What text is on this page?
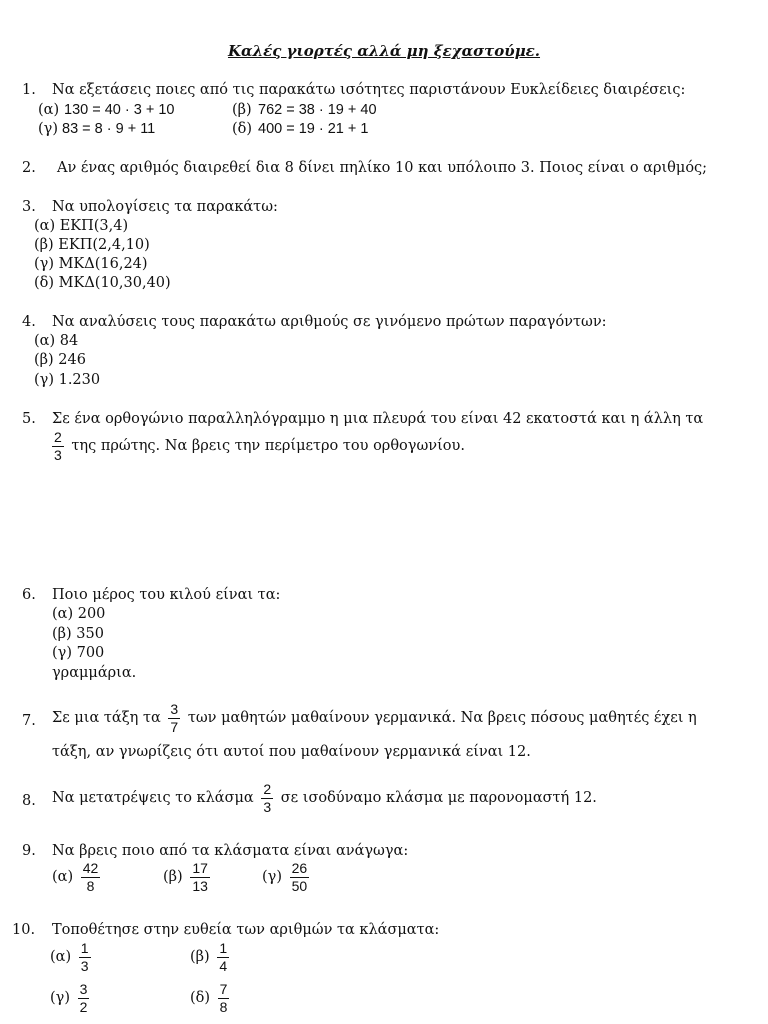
Καλές γιορτές αλλά μη ξεχαστούμε.
1. Να εξετάσεις ποιες από τις παρακάτω ισότητες παριστάνουν Ευκλείδειες διαιρέσεις:
(α) 130 = 40 · 3 + 10	(β) 762 = 38 · 19 + 40
(γ) 83 = 8 · 9 + 11	(δ) 400 = 19 · 21 + 1
2. Αν ένας αριθμός διαιρεθεί δια 8 δίνει πηλίκο 10 και υπόλοιπο 3. Ποιος είναι ο αριθμός;
3. Να υπολογίσεις τα παρακάτω:
(α) ΕΚΠ(3,4)
(β) ΕΚΠ(2,4,10)
(γ) ΜΚΔ(16,24)
(δ) ΜΚΔ(10,30,40)
4. Να αναλύσεις τους παρακάτω αριθμούς σε γινόμενο πρώτων παραγόντων:
(α) 84
(β) 246
(γ) 1.230
5. Σε ένα ορθογώνιο παραλληλόγραμμο η μια πλευρά του είναι 42 εκατοστά και η άλλη τα
$\frac{2}{3}$ της πρώτης. Να βρεις την περίμετρο του ορθογωνίου.
6. Ποιο μέρος του κιλού είναι τα:
(α) 200
(β) 350
(γ) 700
γραμμάρια.
7. Σε μια τάξη τα $\frac{3}{7}$ των μαθητών μαθαίνουν γερμανικά. Να βρεις πόσους μαθητές έχει η
τάξη, αν γνωρίζεις ότι αυτοί που μαθαίνουν γερμανικά είναι 12.
8. Να μετατρέψεις το κλάσμα $\frac{2}{3}$ σε ισοδύναμο κλάσμα με παρονομαστή 12.
9. Να βρεις ποιο από τα κλάσματα είναι ανάγωγα:
$(\alpha) \frac{42}{8}$	$(\beta) \frac{17}{13}$	$(\gamma) \frac{26}{50}$
10. Τοποθέτησε στην ευθεία των αριθμών τα κλάσματα:
$(\alpha) \frac{1}{3}$	$(\beta) \frac{1}{4}$
$(\gamma) \frac{3}{2}$	$(\delta) \frac{7}{8}$
